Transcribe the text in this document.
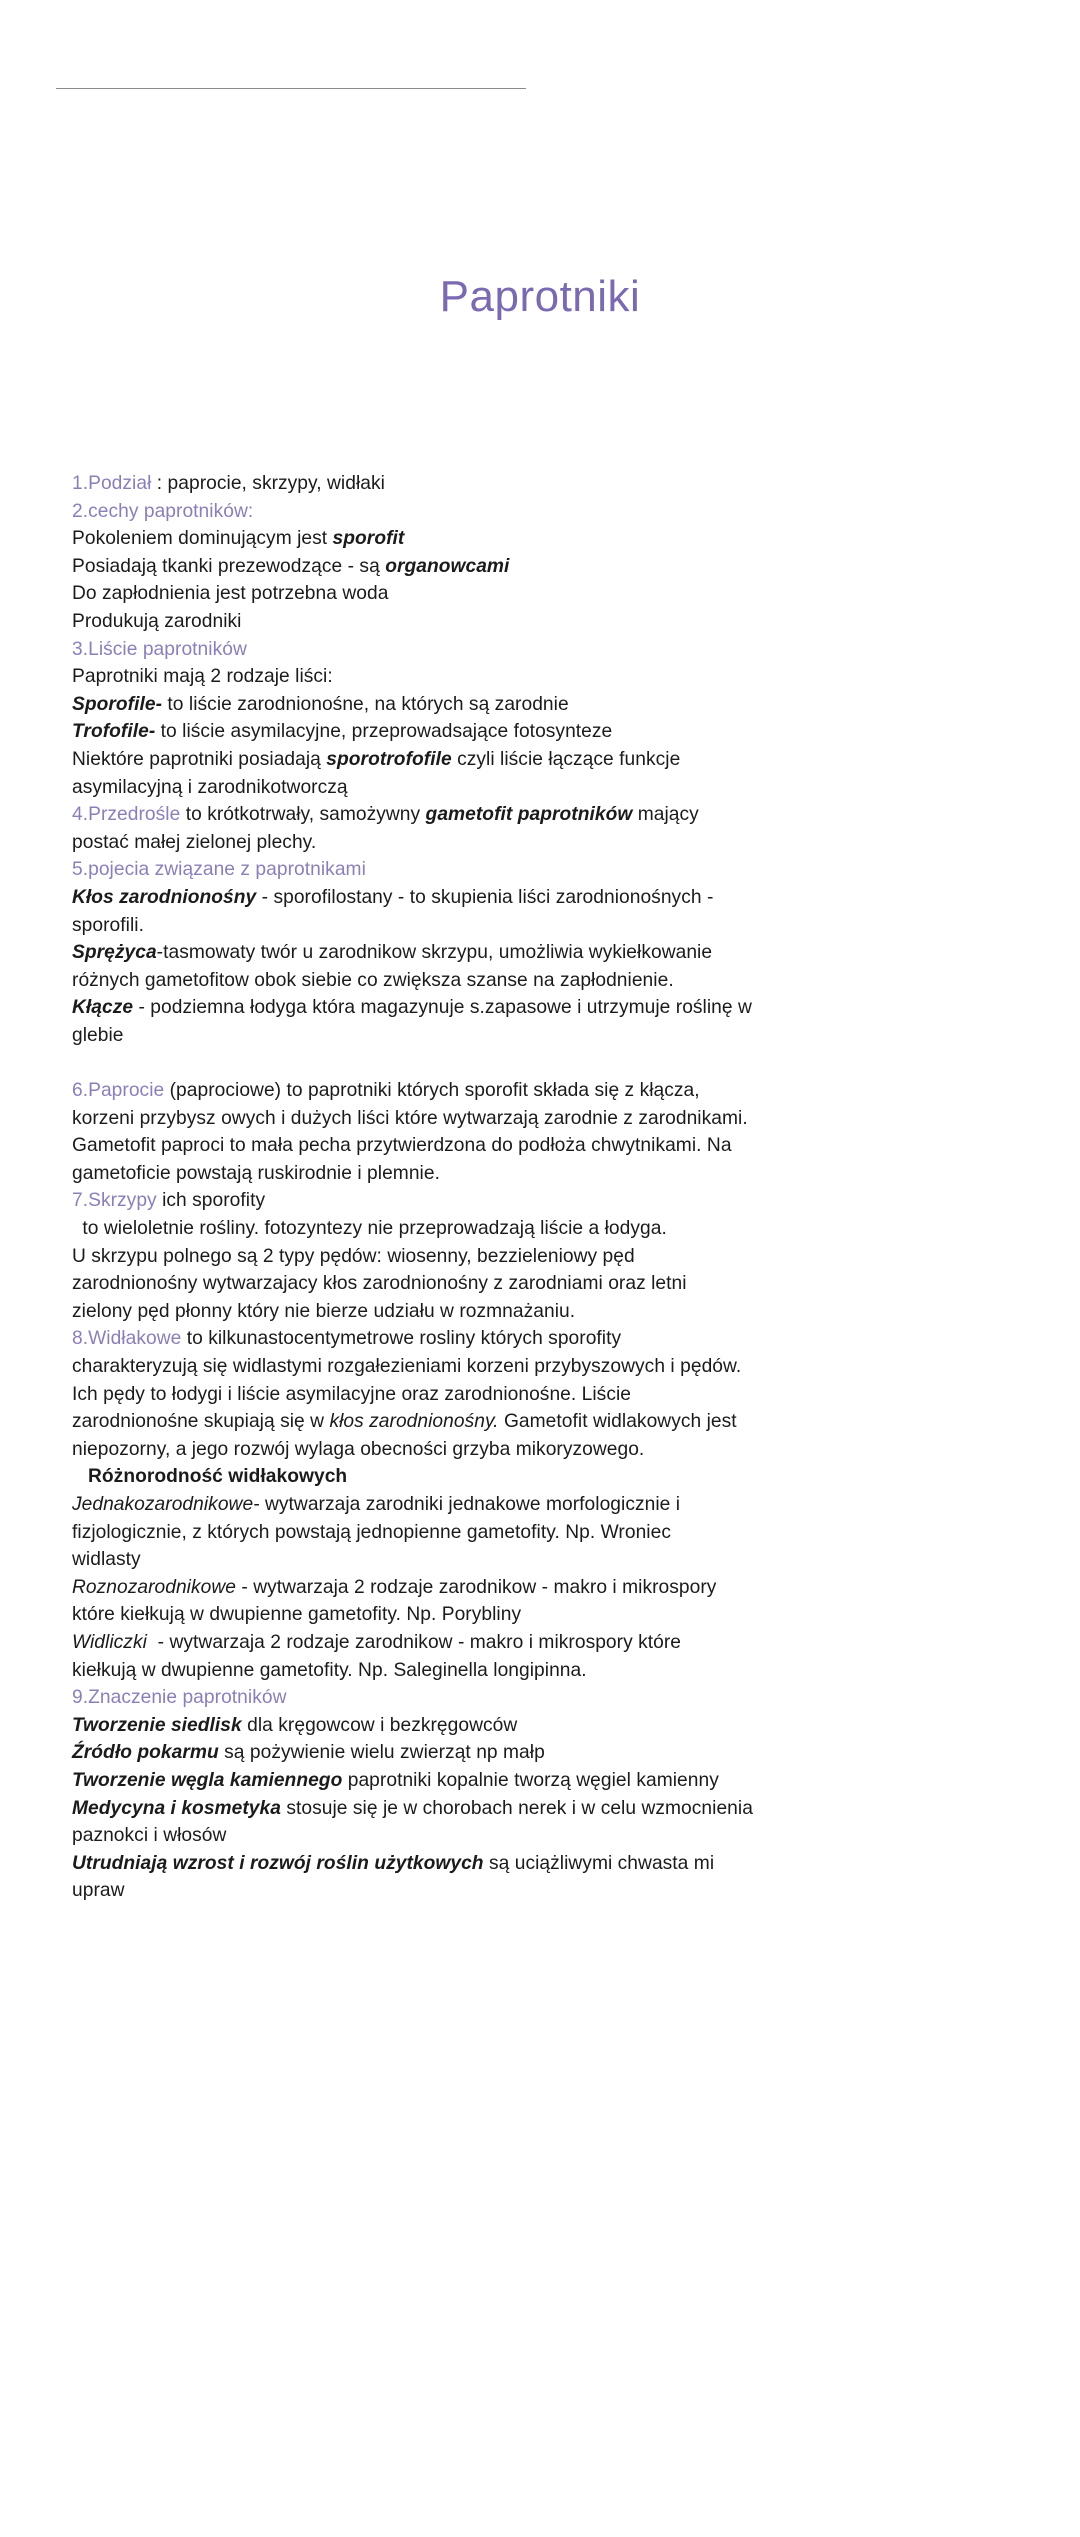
Paprotniki
1.Podział : paprocie, skrzypy, widłaki
2.cechy paprotników:
Pokoleniem dominującym jest sporofit
Posiadają tkanki prezewodzące - są organowcami
Do zapłodnienia jest potrzebna woda
Produkują zarodniki
3.Liście paprotników
Paprotniki mają 2 rodzaje liści:
Sporofile- to liście zarodnionośne, na których są zarodnie
Trofofile- to liście asymilacyjne, przeprowadsające fotosynteze
Niektóre paprotniki posiadają sporotrofofile czyli liście łączące funkcje
asymilacyjną i zarodnikotworczą
4.Przedrośle to krótkotrwały, samożywny gametofit paprotników mający
postać małej zielonej plechy.
5.pojecia związane z paprotnikami
Kłos zarodnionośny - sporofilostany - to skupienia liści zarodnionośnych -
sporofili.
Sprężyca-tasmowaty twór u zarodnikow skrzypu, umożliwia wykiełkowanie
różnych gametofitow obok siebie co zwiększa szanse na zapłodnienie.
Kłącze - podziemna łodyga która magazynuje s.zapasowe i utrzymuje roślinę w
glebie
6.Paprocie (paprociowe) to paprotniki których sporofit składa się z kłącza,
korzeni przybysz owych i dużych liści które wytwarzają zarodnie z zarodnikami.
Gametofit paproci to mała pecha przytwierdzona do podłoża chwytnikami. Na
gametoficie powstają ruskirodnie i plemnie.
7.Skrzypy ich sporofity
to wieloletnie rośliny. fotozyntezy nie przeprowadzają liście a łodyga.
U skrzypu polnego są 2 typy pędów: wiosenny, bezzieleniowy pęd
zarodnionośny wytwarzajacy kłos zarodnionośny z zarodniami oraz letni
zielony pęd płonny który nie bierze udziału w rozmnażaniu.
8.Widłakowe to kilkunastocentymetrowe rosliny których sporofity
charakteryzują się widlastymi rozgałezieniami korzeni przybyszowych i pędów.
Ich pędy to łodygi i liście asymilacyjne oraz zarodnionośne. Liście
zarodnionośne skupiają się w kłos zarodnionośny. Gametofit widlakowych jest
niepozorny, a jego rozwój wylaga obecności grzyba mikoryzowego.
Różnorodność widłakowych
Jednakozarodnikowe- wytwarzaja zarodniki jednakowe morfologicznie i
fizjologicznie, z których powstają jednopienne gametofity. Np. Wroniec
widlasty
Roznozarodnikowe - wytwarzaja 2 rodzaje zarodnikow - makro i mikrospory
które kiełkują w dwupienne gametofity. Np. Porybliny
Widliczki  - wytwarzaja 2 rodzaje zarodnikow - makro i mikrospory które
kiełkują w dwupienne gametofity. Np. Saleginella longipinna.
9.Znaczenie paprotników
Tworzenie siedlisk dla kręgowcow i bezkręgowców
Źródło pokarmu są pożywienie wielu zwierząt np małp
Tworzenie węgla kamiennego paprotniki kopalnie tworzą węgiel kamienny
Medycyna i kosmetyka stosuje się je w chorobach nerek i w celu wzmocnienia
paznokci i włosów
Utrudniają wzrost i rozwój roślin użytkowych są uciążliwymi chwasta mi
upraw
